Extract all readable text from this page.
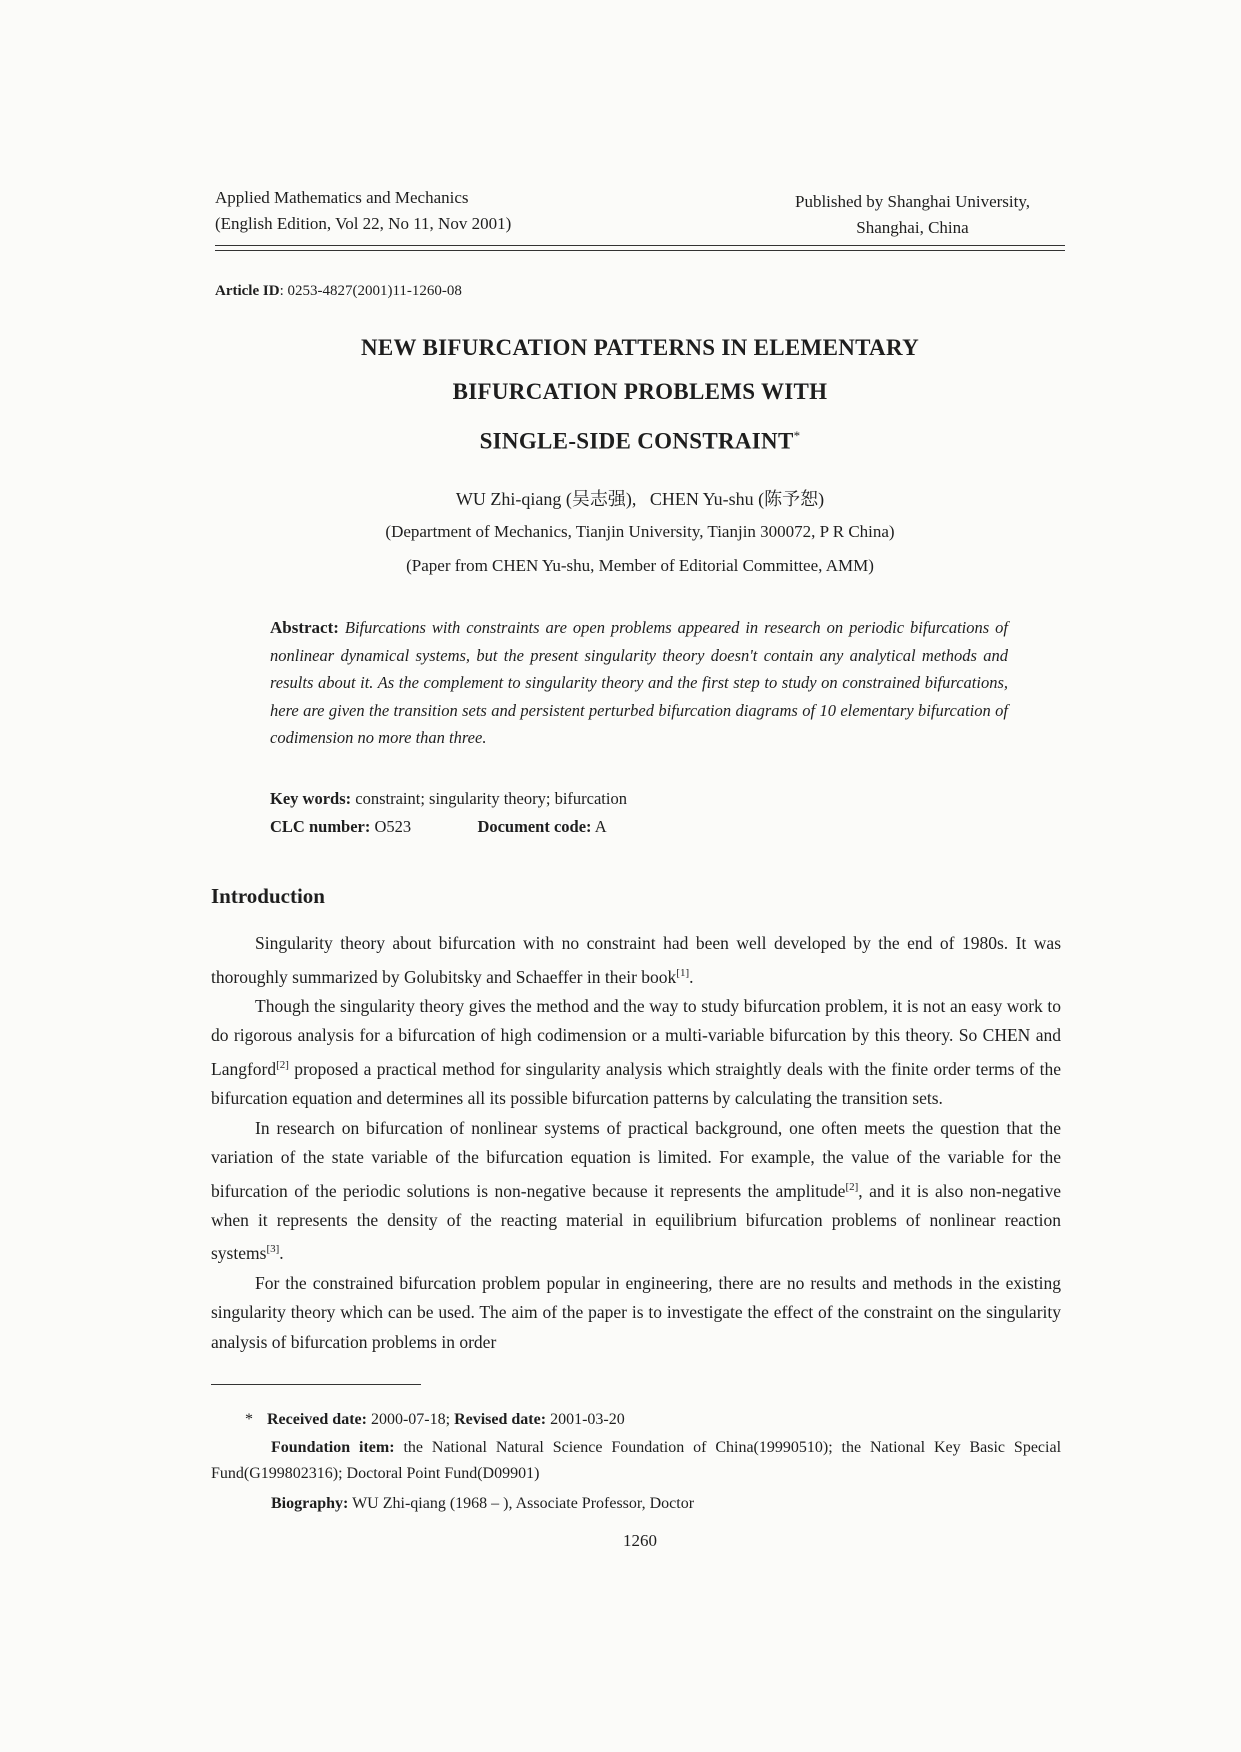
Applied Mathematics and Mechanics
(English Edition, Vol 22, No 11, Nov 2001)
Published by Shanghai University,
Shanghai, China
Article ID: 0253-4827(2001)11-1260-08
NEW BIFURCATION PATTERNS IN ELEMENTARY
BIFURCATION PROBLEMS WITH
SINGLE-SIDE CONSTRAINT*
WU Zhi-qiang (吴志强),   CHEN Yu-shu (陈予恕)
(Department of Mechanics, Tianjin University, Tianjin 300072, P R China)
(Paper from CHEN Yu-shu, Member of Editorial Committee, AMM)
Abstract: Bifurcations with constraints are open problems appeared in research on periodic bifurcations of nonlinear dynamical systems, but the present singularity theory doesn't contain any analytical methods and results about it. As the complement to singularity theory and the first step to study on constrained bifurcations, here are given the transition sets and persistent perturbed bifurcation diagrams of 10 elementary bifurcation of codimension no more than three.
Key words: constraint; singularity theory; bifurcation
CLC number: O523	Document code: A
Introduction

Singularity theory about bifurcation with no constraint had been well developed by the end of 1980s. It was thoroughly summarized by Golubitsky and Schaeffer in their book[1].

Though the singularity theory gives the method and the way to study bifurcation problem, it is not an easy work to do rigorous analysis for a bifurcation of high codimension or a multi-variable bifurcation by this theory. So CHEN and Langford[2] proposed a practical method for singularity analysis which straightly deals with the finite order terms of the bifurcation equation and determines all its possible bifurcation patterns by calculating the transition sets.

In research on bifurcation of nonlinear systems of practical background, one often meets the question that the variation of the state variable of the bifurcation equation is limited. For example, the value of the variable for the bifurcation of the periodic solutions is non-negative because it represents the amplitude[2], and it is also non-negative when it represents the density of the reacting material in equilibrium bifurcation problems of nonlinear reaction systems[3].

For the constrained bifurcation problem popular in engineering, there are no results and methods in the existing singularity theory which can be used. The aim of the paper is to investigate the effect of the constraint on the singularity analysis of bifurcation problems in order

* Received date: 2000-07-18; Revised date: 2001-03-20
Foundation item: the National Natural Science Foundation of China(19990510); the National Key Basic Special Fund(G199802316); Doctoral Point Fund(D09901)
Biography: WU Zhi-qiang (1968 – ), Associate Professor, Doctor
1260
